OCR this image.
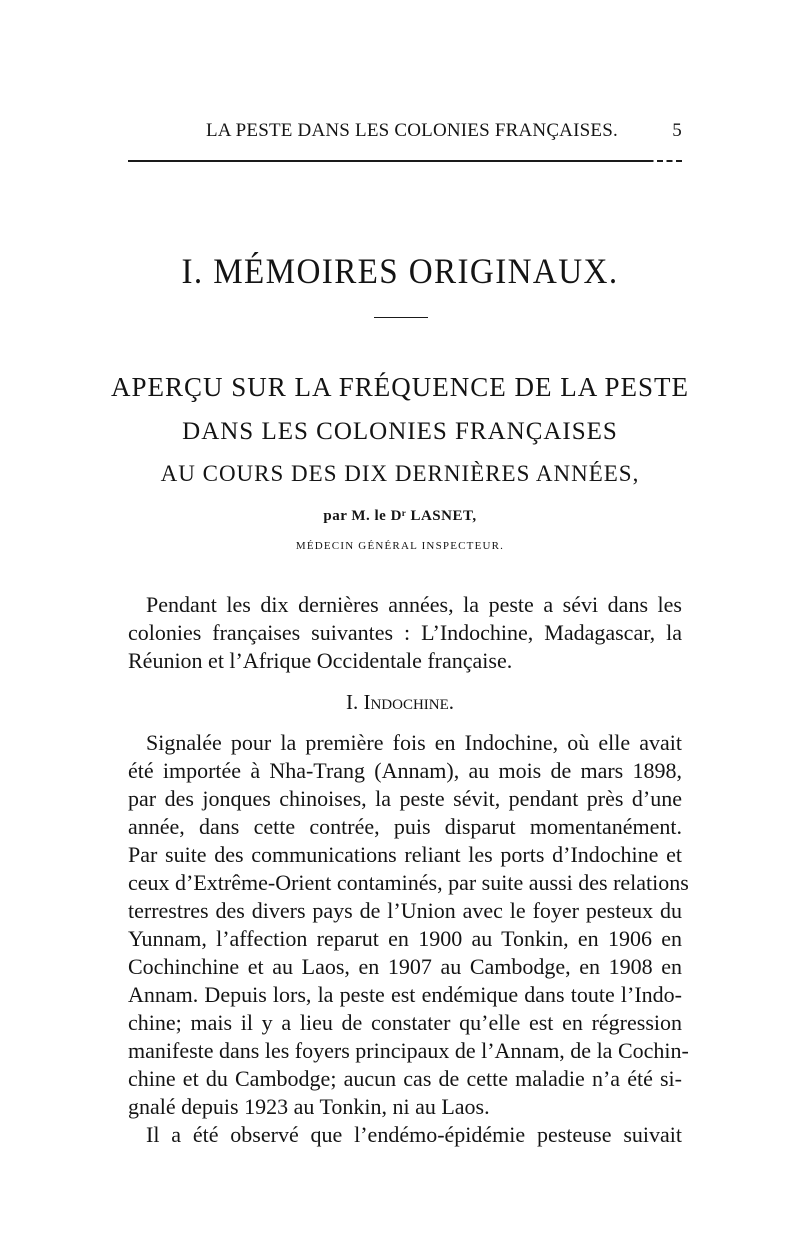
LA PESTE DANS LES COLONIES FRANÇAISES.	5
I. MÉMOIRES ORIGINAUX.
APERÇU SUR LA FRÉQUENCE DE LA PESTE
DANS LES COLONIES FRANÇAISES
AU COURS DES DIX DERNIÈRES ANNÉES,
par M. le Dʳ LASNET,
MÉDECIN GÉNÉRAL INSPECTEUR.
Pendant les dix dernières années, la peste a sévi dans les
colonies françaises suivantes : L’Indochine, Madagascar, la
Réunion et l’Afrique Occidentale française.
I. Indochine.
Signalée pour la première fois en Indochine, où elle avait
été importée à Nha-Trang (Annam), au mois de mars 1898,
par des jonques chinoises, la peste sévit, pendant près d’une
année, dans cette contrée, puis disparut momentanément.
Par suite des communications reliant les ports d’Indochine et
ceux d’Extrême-Orient contaminés, par suite aussi des relations
terrestres des divers pays de l’Union avec le foyer pesteux du
Yunnam, l’affection reparut en 1900 au Tonkin, en 1906 en
Cochinchine et au Laos, en 1907 au Cambodge, en 1908 en
Annam. Depuis lors, la peste est endémique dans toute l’Indo-
chine; mais il y a lieu de constater qu’elle est en régression
manifeste dans les foyers principaux de l’Annam, de la Cochin-
chine et du Cambodge; aucun cas de cette maladie n’a été si-
gnalé depuis 1923 au Tonkin, ni au Laos.
Il a été observé que l’endémo-épidémie pesteuse suivait
